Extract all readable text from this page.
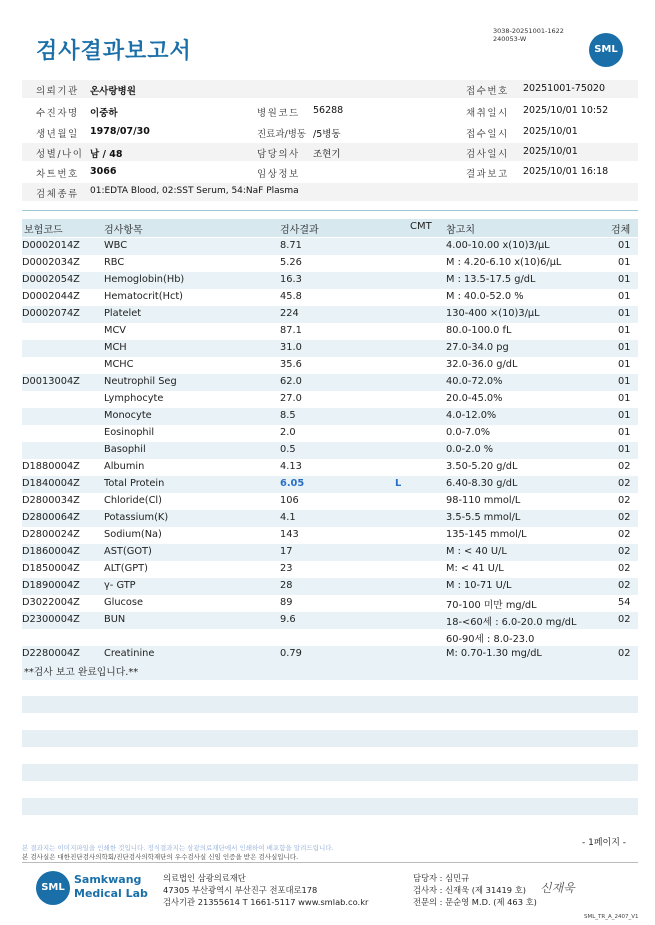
검사결과보고서
3038-20251001-1622
240053-W
SML
의뢰기관 온사랑병원	접수번호 20251001-75020
수진자명 이중하	병원코드 56288	채취일시 2025/10/01 10:52
생년월일 1978/07/30	진료과/병동 /5병동	접수일시 2025/10/01
성별/나이 남 / 48	담당의사 조현기	검사일시 2025/10/01
차트번호 3066	임상정보	결과보고 2025/10/01 16:18
검체종류 01:EDTA Blood, 02:SST Serum, 54:NaF Plasma
보험코드	검사항목	검사결과	CMT 참고치	검체
D0002014Z WBC	8.71	4.00-10.00 x(10)3/µL	01
D0002034Z RBC	5.26	M : 4.20-6.10 x(10)6/µL	01
D0002054Z Hemoglobin(Hb)	16.3	M : 13.5-17.5 g/dL	01
D0002044Z Hematocrit(Hct)	45.8	M : 40.0-52.0 %	01
D0002074Z Platelet	224	130-400 ×(10)3/µL	01
MCV	87.1	80.0-100.0 fL	01
MCH	31.0	27.0-34.0 pg	01
MCHC	35.6	32.0-36.0 g/dL	01
D0013004Z Neutrophil Seg	62.0	40.0-72.0%	01
Lymphocyte	27.0	20.0-45.0%	01
Monocyte	8.5	4.0-12.0%	01
Eosinophil	2.0	0.0-7.0%	01
Basophil	0.5	0.0-2.0 %	01
D1880004Z Albumin	4.13	3.50-5.20 g/dL	02
D1840004Z Total Protein	6.05	L	6.40-8.30 g/dL	02
D2800034Z Chloride(Cl)	106	98-110 mmol/L	02
D2800064Z Potassium(K)	4.1	3.5-5.5 mmol/L	02
D2800024Z Sodium(Na)	143	135-145 mmol/L	02
D1860004Z AST(GOT)	17	M : < 40 U/L	02
D1850004Z ALT(GPT)	23	M: < 41 U/L	02
D1890004Z γ- GTP	28	M : 10-71 U/L	02
D3022004Z Glucose	89	70-100 미만 mg/dL	54
D2300004Z BUN	9.6	18-<60세 : 6.0-20.0 mg/dL	02
60-90세 : 8.0-23.0
D2280004Z Creatinine	0.79	M: 0.70-1.30 mg/dL	02
**검사 보고 완료입니다.**
본 결과지는 이미지파일을 인쇄한 것입니다. 정식결과지는 삼광의료재단에서 인쇄하여 배포함을 알려드립니다.
본 검사실은 대한진단검사의학회/진단검사의학재단의 우수검사실 신임 인증을 받은 검사실입니다.
- 1페이지 -
SML
Samkwang
Medical Lab
의료법인 삼광의료재단
47305 부산광역시 부산진구 전포대로178
검사기관 21355614 T 1661-5117 www.smlab.co.kr
담당자 : 심민규
검사자 : 신재욱 (제 31419 호)
전문의 : 문순영 M.D. (제 463 호)
신재욱
SML_TR_A_2407_V1
